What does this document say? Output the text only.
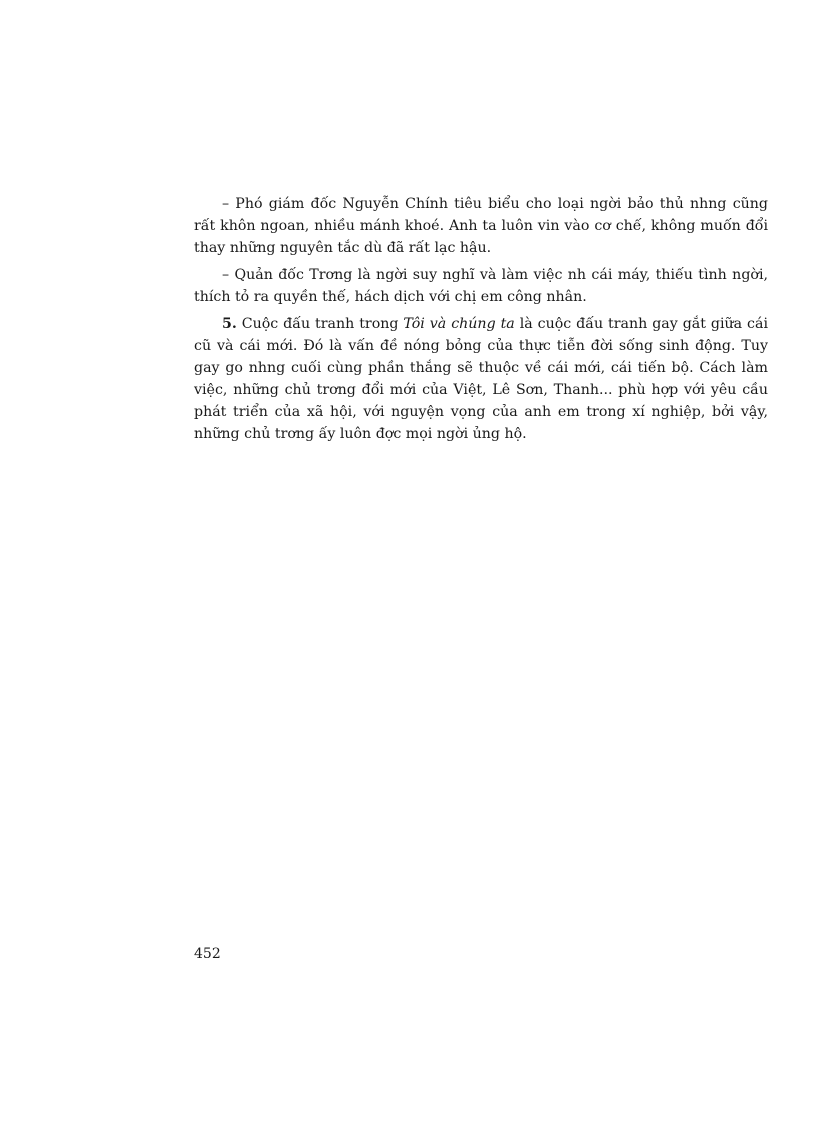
– Phó giám đốc Nguyễn Chính tiêu biểu cho loại ngời bảo thủ nhng cũng rất khôn ngoan, nhiều mánh khoé. Anh ta luôn vin vào cơ chế, không muốn đổi thay những nguyên tắc dù đã rất lạc hậu.

– Quản đốc Trơng là ngời suy nghĩ và làm việc nh cái máy, thiếu tình ngời, thích tỏ ra quyền thế, hách dịch với chị em công nhân.

5. Cuộc đấu tranh trong Tôi và chúng ta là cuộc đấu tranh gay gắt giữa cái cũ và cái mới. Đó là vấn đề nóng bỏng của thực tiễn đời sống sinh động. Tuy gay go nhng cuối cùng phần thắng sẽ thuộc về cái mới, cái tiến bộ. Cách làm việc, những chủ trơng đổi mới của Việt, Lê Sơn, Thanh... phù hợp với yêu cầu phát triển của xã hội, với nguyện vọng của anh em trong xí nghiệp, bởi vậy, những chủ trơng ấy luôn đợc mọi ngời ủng hộ.

452
